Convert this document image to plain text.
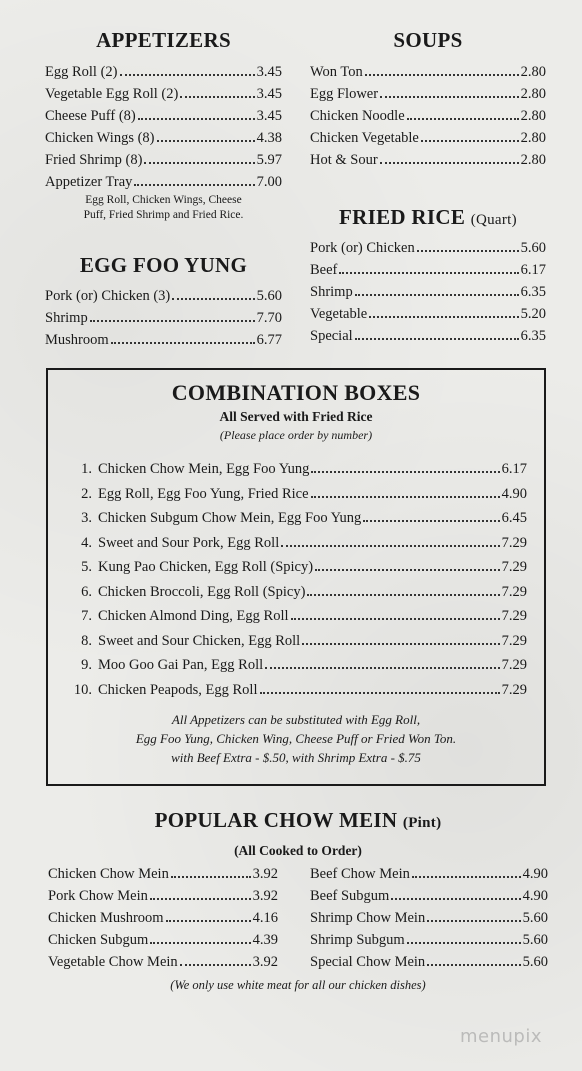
APPETIZERS
Egg Roll (2)	3.45
Vegetable Egg Roll (2)	3.45
Cheese Puff (8)	3.45
Chicken Wings (8)	4.38
Fried Shrimp (8)	5.97
Appetizer Tray	7.00
Egg Roll, Chicken Wings, Cheese
Puff, Fried Shrimp and Fried Rice.
SOUPS
Won Ton	2.80
Egg Flower	2.80
Chicken Noodle	2.80
Chicken Vegetable	2.80
Hot & Sour	2.80
FRIED RICE (Quart)
Pork (or) Chicken	5.60
Beef	6.17
Shrimp	6.35
Vegetable	5.20
Special	6.35
EGG FOO YUNG
Pork (or) Chicken (3)	5.60
Shrimp	7.70
Mushroom	6.77
COMBINATION BOXES
All Served with Fried Rice
(Please place order by number)
1. Chicken Chow Mein, Egg Foo Yung	6.17
2. Egg Roll, Egg Foo Yung, Fried Rice	4.90
3. Chicken Subgum Chow Mein, Egg Foo Yung	6.45
4. Sweet and Sour Pork, Egg Roll	7.29
5. Kung Pao Chicken, Egg Roll (Spicy)	7.29
6. Chicken Broccoli, Egg Roll (Spicy)	7.29
7. Chicken Almond Ding, Egg Roll	7.29
8. Sweet and Sour Chicken, Egg Roll	7.29
9. Moo Goo Gai Pan, Egg Roll	7.29
10. Chicken Peapods, Egg Roll	7.29
All Appetizers can be substituted with Egg Roll,
Egg Foo Yung, Chicken Wing, Cheese Puff or Fried Won Ton.
with Beef Extra - $.50, with Shrimp Extra - $.75
POPULAR CHOW MEIN (Pint)
(All Cooked to Order)
Chicken Chow Mein	3.92
Pork Chow Mein	3.92
Chicken Mushroom	4.16
Chicken Subgum	4.39
Vegetable Chow Mein	3.92
Beef Chow Mein	4.90
Beef Subgum	4.90
Shrimp Chow Mein	5.60
Shrimp Subgum	5.60
Special Chow Mein	5.60
(We only use white meat for all our chicken dishes)
menupix
